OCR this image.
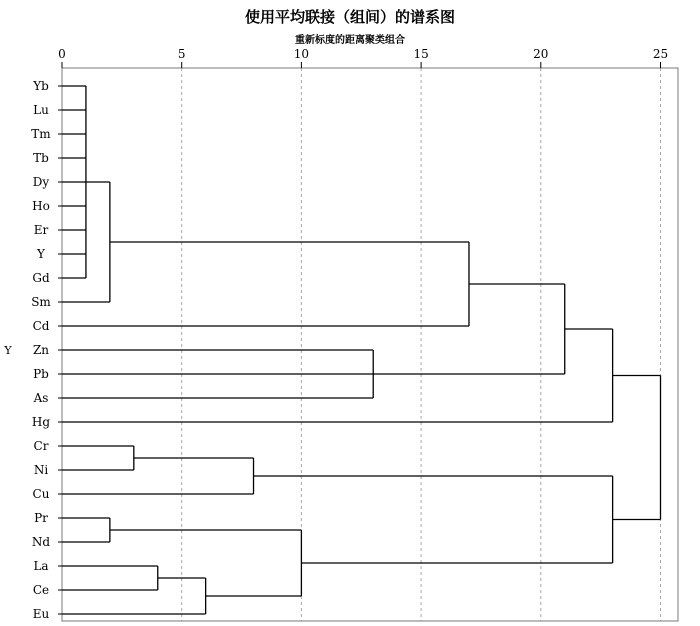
使用平均联接（组间）的谱系图
重新标度的距离聚类组合
0	5	10	15	20	25
Yb
Lu
Tm
Tb
Dy
Ho
Er
Y
Gd
Sm
Cd
Zn
Pb
As
Hg
Cr
Ni
Cu
Pr
Nd
La
Ce
Eu
Y
